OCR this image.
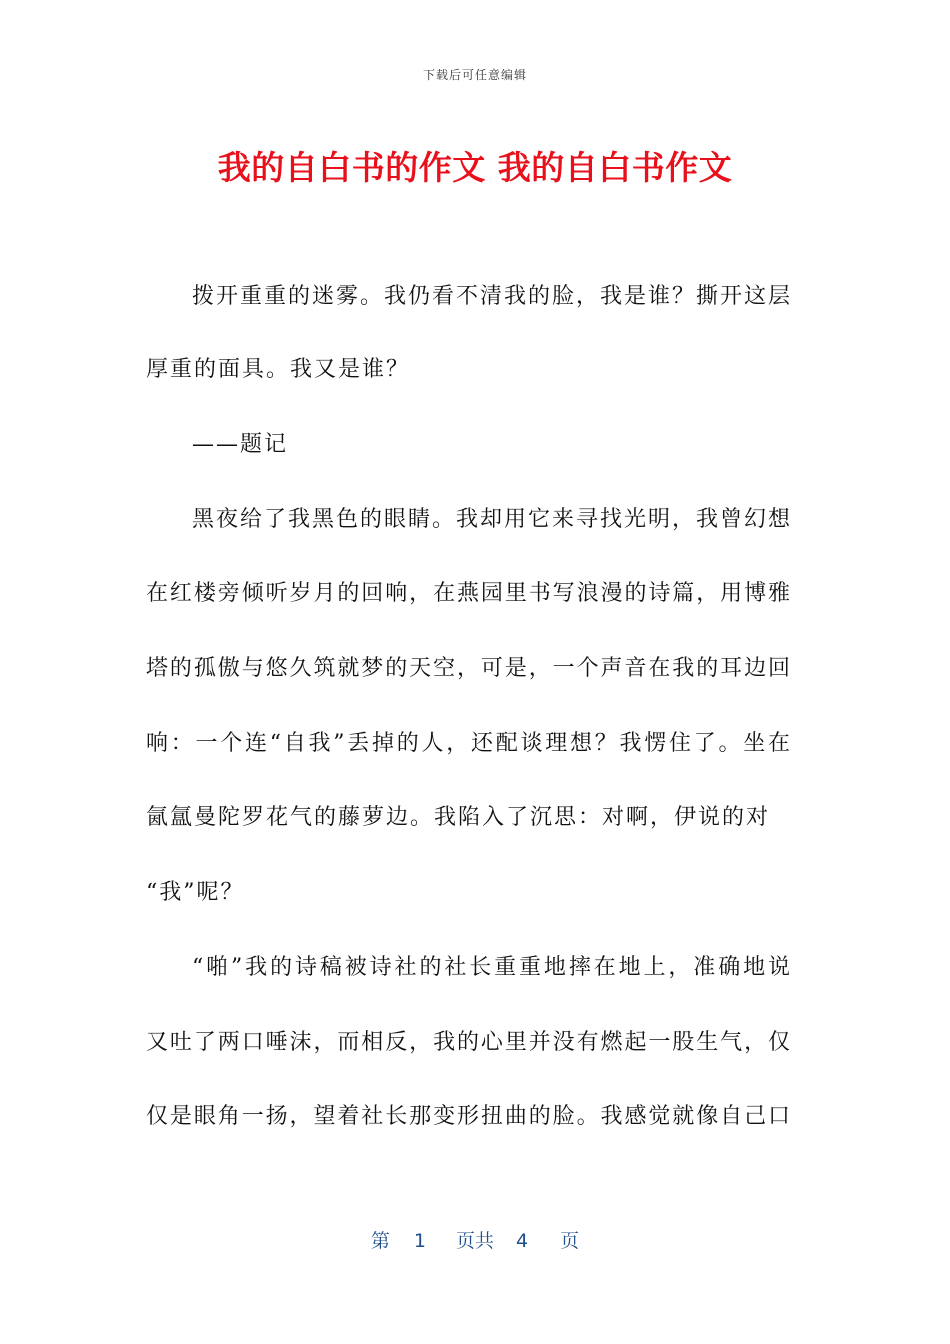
下载后可任意编辑
我的自白书的作文 我的自白书作文
拨开重重的迷雾。我仍看不清我的脸，我是谁？撕开这层
厚重的面具。我又是谁？
——题记
黑夜给了我黑色的眼睛。我却用它来寻找光明，我曾幻想
在红楼旁倾听岁月的回响，在燕园里书写浪漫的诗篇，用博雅
塔的孤傲与悠久筑就梦的天空，可是，一个声音在我的耳边回
响：一个连“自我”丢掉的人，还配谈理想？我愣住了。坐在
氤氲曼陀罗花气的藤萝边。我陷入了沉思：对啊，伊说的对
“我”呢？
“啪”我的诗稿被诗社的社长重重地摔在地上，准确地说
又吐了两口唾沫，而相反，我的心里并没有燃起一股生气，仅
仅是眼角一扬，望着社长那变形扭曲的脸。我感觉就像自己口
第 1 页共 4 页
